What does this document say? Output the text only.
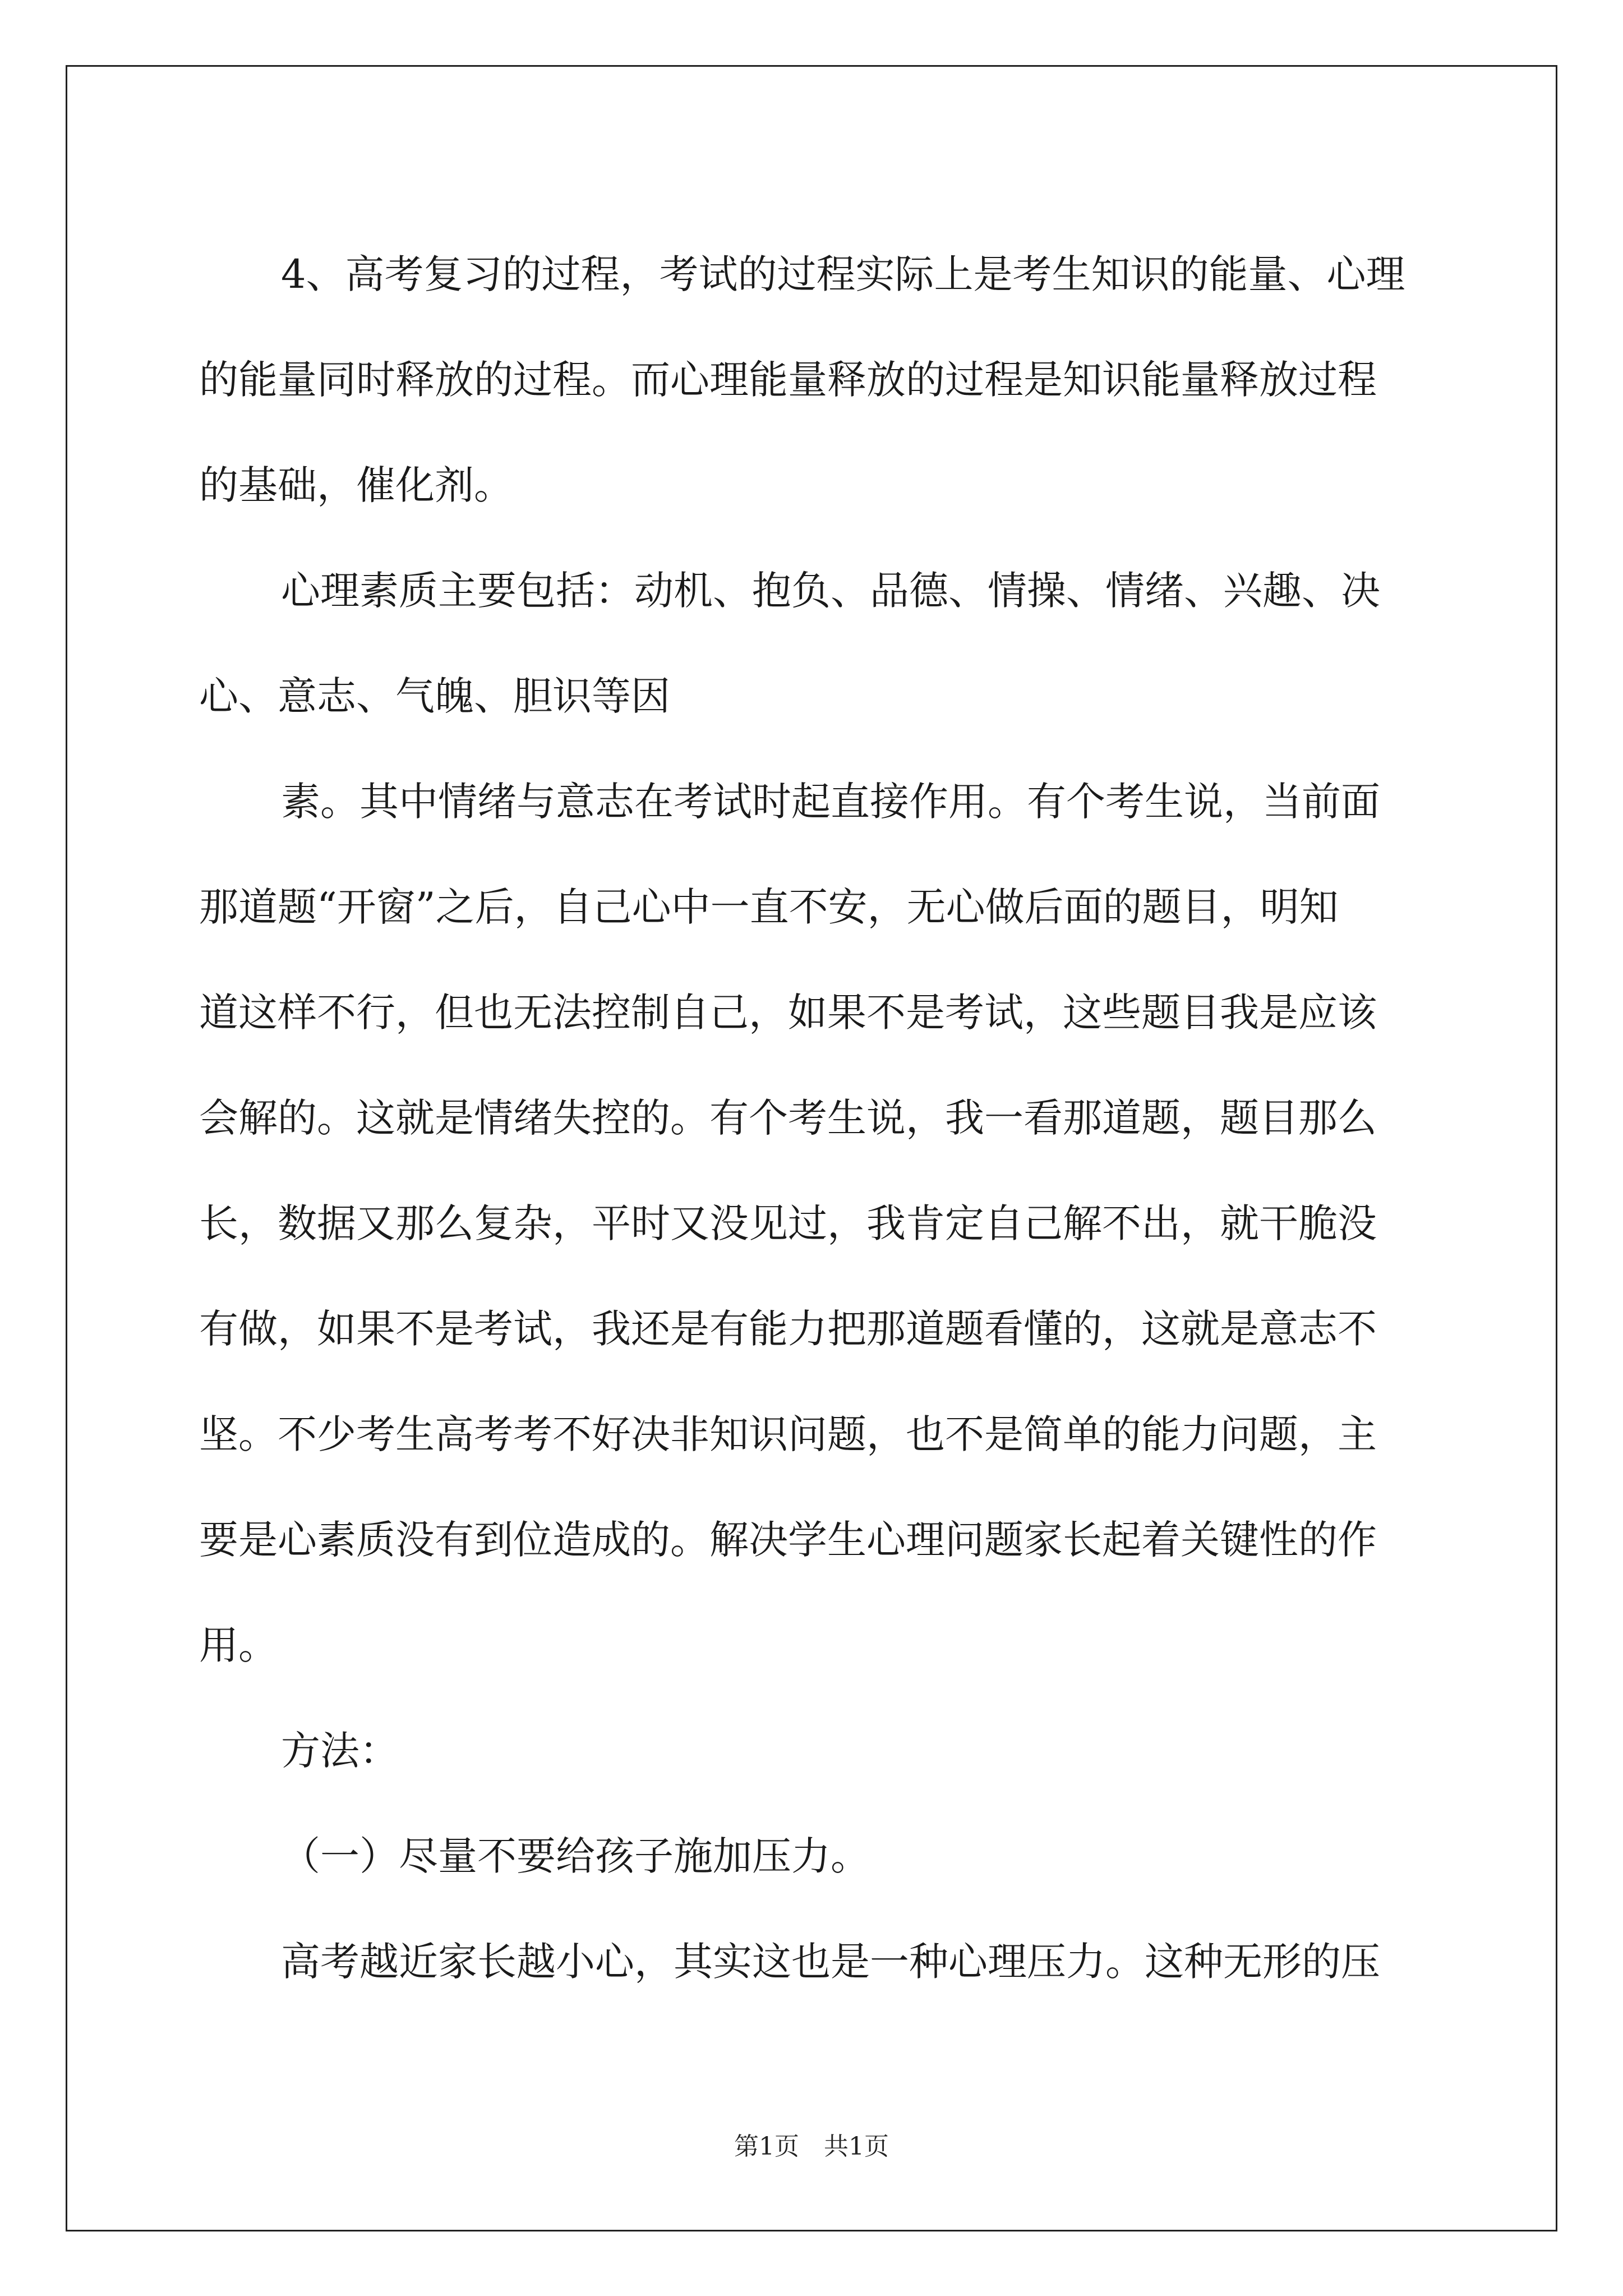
4、高考复习的过程，考试的过程实际上是考生知识的能量、心理
的能量同时释放的过程。而心理能量释放的过程是知识能量释放过程
的基础，催化剂。
心理素质主要包括：动机、抱负、品德、情操、情绪、兴趣、决
心、意志、气魄、胆识等因
素。其中情绪与意志在考试时起直接作用。有个考生说，当前面
那道题“开窗”之后，自己心中一直不安，无心做后面的题目，明知
道这样不行，但也无法控制自己，如果不是考试，这些题目我是应该
会解的。这就是情绪失控的。有个考生说，我一看那道题，题目那么
长，数据又那么复杂，平时又没见过，我肯定自己解不出，就干脆没
有做，如果不是考试，我还是有能力把那道题看懂的，这就是意志不
坚。不少考生高考考不好决非知识问题，也不是简单的能力问题，主
要是心素质没有到位造成的。解决学生心理问题家长起着关键性的作
用。
方法：
（一）尽量不要给孩子施加压力。
高考越近家长越小心，其实这也是一种心理压力。这种无形的压
第1页　共1页
